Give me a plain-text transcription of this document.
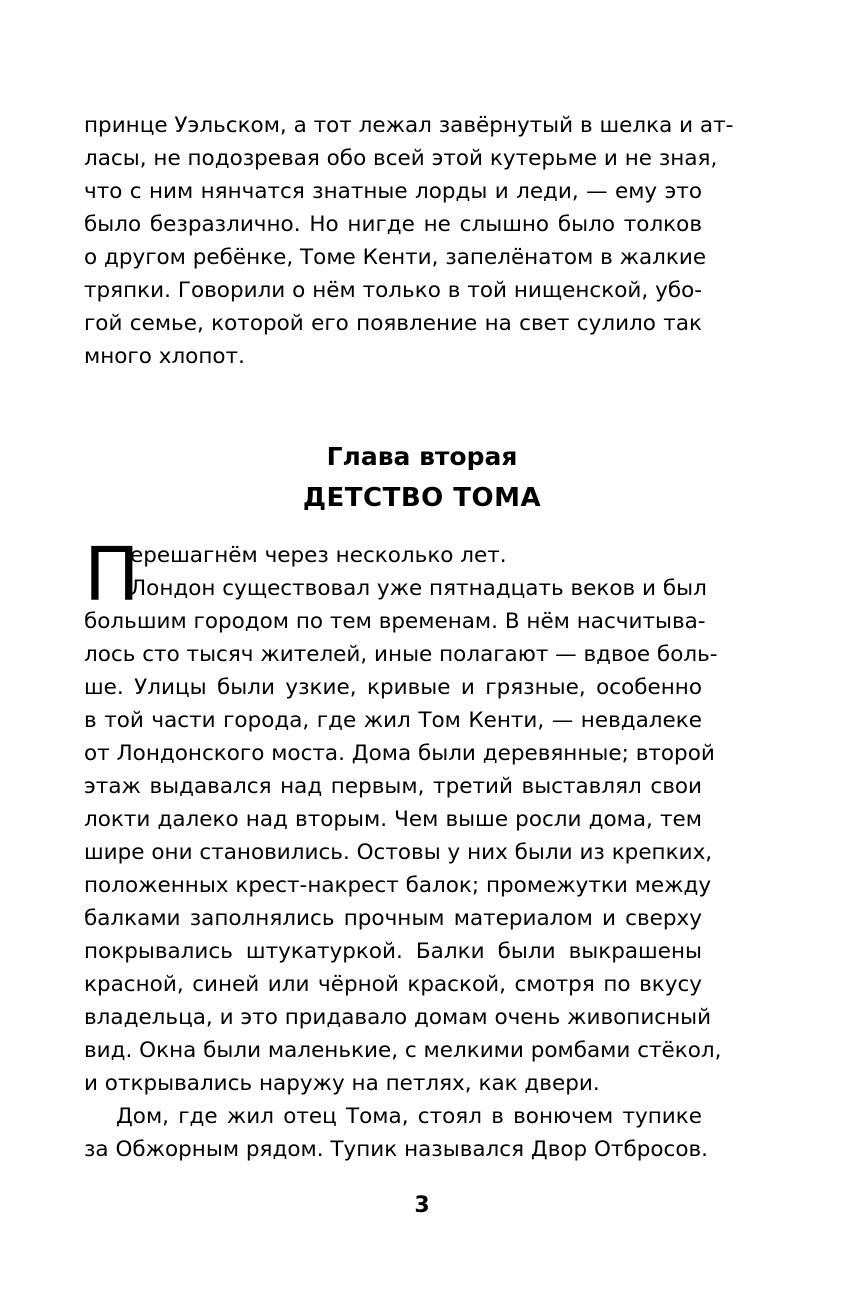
принце Уэльском, а тот лежал завёрнутый в шелка и ат-
ласы, не подозревая обо всей этой кутерьме и не зная,
что с ним нянчатся знатные лорды и леди, — ему это
было безразлично. Но нигде не слышно было толков
о другом ребёнке, Томе Кенти, запелёнатом в жалкие
тряпки. Говорили о нём только в той нищенской, убо-
гой семье, которой его появление на свет сулило так
много хлопот.
Глава вторая
ДЕТСТВО ТОМА
П
ерешагнём через несколько лет.
Лондон существовал уже пятнадцать веков и был
большим городом по тем временам. В нём насчитыва-
лось сто тысяч жителей, иные полагают — вдвое боль-
ше. Улицы были узкие, кривые и грязные, особенно
в той части города, где жил Том Кенти, — невдалеке
от Лондонского моста. Дома были деревянные; второй
этаж выдавался над первым, третий выставлял свои
локти далеко над вторым. Чем выше росли дома, тем
шире они становились. Остовы у них были из крепких,
положенных крест-накрест балок; промежутки между
балками заполнялись прочным материалом и сверху
покрывались штукатуркой. Балки были выкрашены
красной, синей или чёрной краской, смотря по вкусу
владельца, и это придавало домам очень живописный
вид. Окна были маленькие, с мелкими ромбами стёкол,
и открывались наружу на петлях, как двери.
Дом, где жил отец Тома, стоял в вонючем тупике
за Обжорным рядом. Тупик назывался Двор Отбросов.
3
